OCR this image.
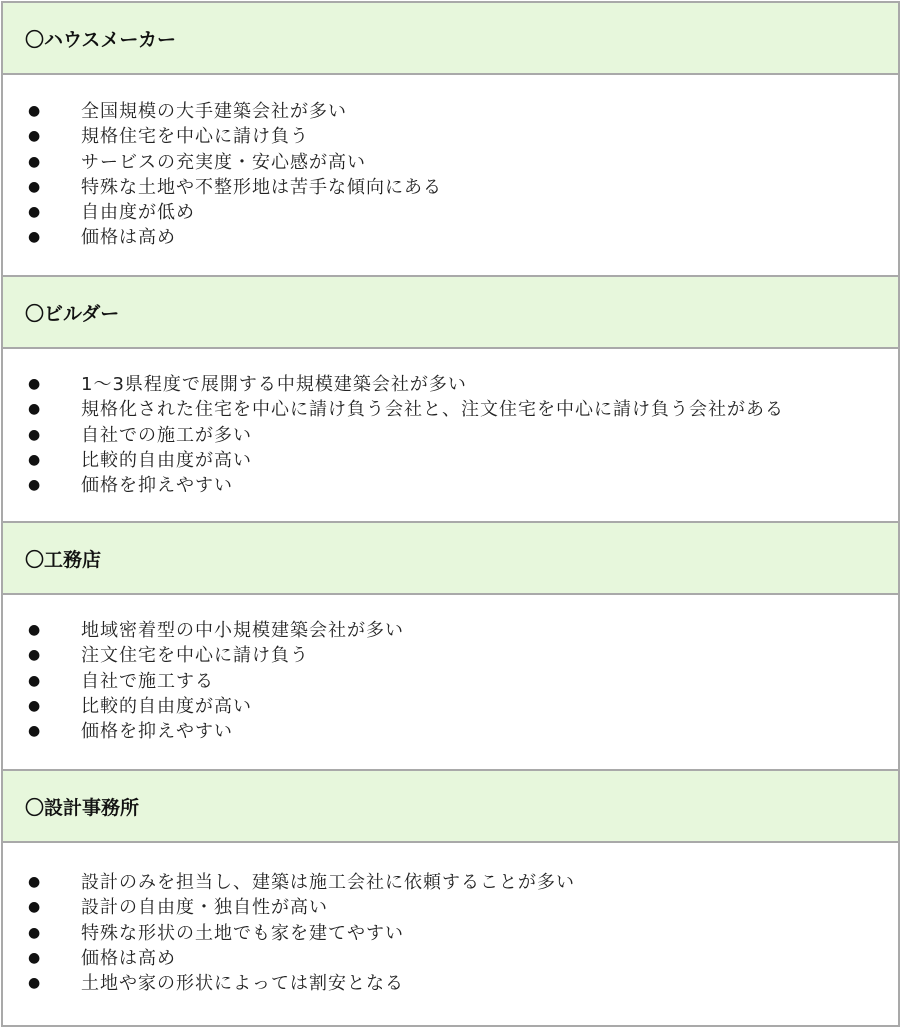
〇ハウスメーカー
● 全国規模の大手建築会社が多い
● 規格住宅を中心に請け負う
● サービスの充実度・安心感が高い
● 特殊な土地や不整形地は苦手な傾向にある
● 自由度が低め
● 価格は高め
〇ビルダー
● 1〜3県程度で展開する中規模建築会社が多い
● 規格化された住宅を中心に請け負う会社と、注文住宅を中心に請け負う会社がある
● 自社での施工が多い
● 比較的自由度が高い
● 価格を抑えやすい
〇工務店
● 地域密着型の中小規模建築会社が多い
● 注文住宅を中心に請け負う
● 自社で施工する
● 比較的自由度が高い
● 価格を抑えやすい
〇設計事務所
● 設計のみを担当し、建築は施工会社に依頼することが多い
● 設計の自由度・独自性が高い
● 特殊な形状の土地でも家を建てやすい
● 価格は高め
● 土地や家の形状によっては割安となる
